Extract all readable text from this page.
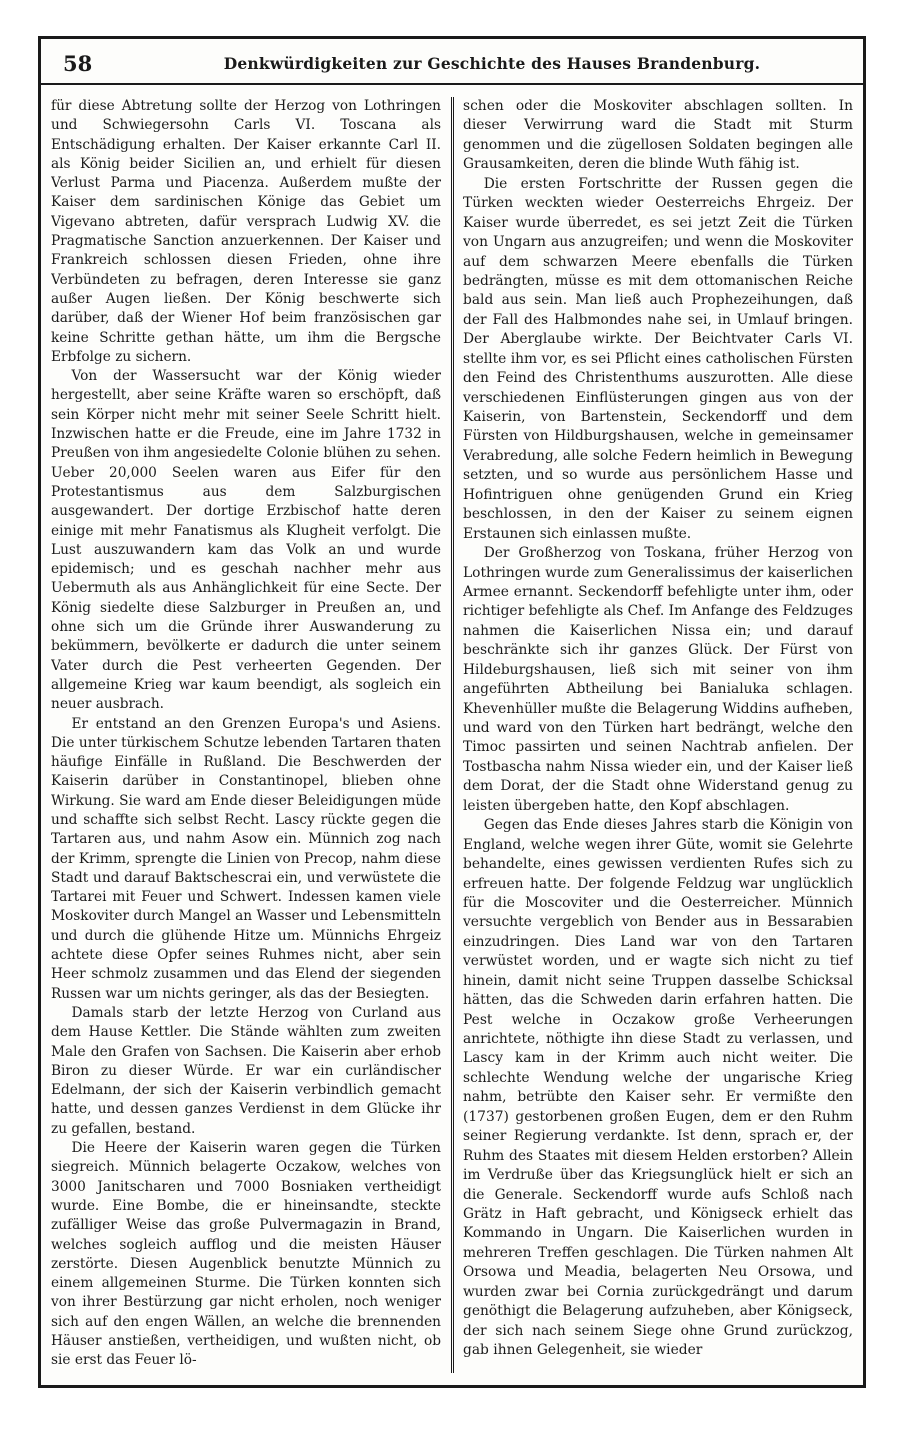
58	Denkwürdigkeiten zur Geschichte des Hauses Brandenburg.

für diese Abtretung sollte der Herzog von Lothringen und Schwiegersohn Carls VI. Toscana als Entschädigung erhalten. Der Kaiser erkannte Carl II. als König beider Sicilien an, und erhielt für diesen Verlust Parma und Piacenza. Außerdem mußte der Kaiser dem sardinischen Könige das Gebiet um Vigevano abtreten, dafür versprach Ludwig XV. die Pragmatische Sanction anzuerkennen. Der Kaiser und Frankreich schlossen diesen Frieden, ohne ihre Verbündeten zu befragen, deren Interesse sie ganz außer Augen ließen. Der König beschwerte sich darüber, daß der Wiener Hof beim französischen gar keine Schritte gethan hätte, um ihm die Bergsche Erbfolge zu sichern.

Von der Wassersucht war der König wieder hergestellt, aber seine Kräfte waren so erschöpft, daß sein Körper nicht mehr mit seiner Seele Schritt hielt. Inzwischen hatte er die Freude, eine im Jahre 1732 in Preußen von ihm angesiedelte Colonie blühen zu sehen. Ueber 20,000 Seelen waren aus Eifer für den Protestantismus aus dem Salzburgischen ausgewandert. Der dortige Erzbischof hatte deren einige mit mehr Fanatismus als Klugheit verfolgt. Die Lust auszuwandern kam das Volk an und wurde epidemisch; und es geschah nachher mehr aus Uebermuth als aus Anhänglichkeit für eine Secte. Der König siedelte diese Salzburger in Preußen an, und ohne sich um die Gründe ihrer Auswanderung zu bekümmern, bevölkerte er dadurch die unter seinem Vater durch die Pest verheerten Gegenden. Der allgemeine Krieg war kaum beendigt, als sogleich ein neuer ausbrach.

Er entstand an den Grenzen Europa's und Asiens. Die unter türkischem Schutze lebenden Tartaren thaten häufige Einfälle in Rußland. Die Beschwerden der Kaiserin darüber in Constantinopel, blieben ohne Wirkung. Sie ward am Ende dieser Beleidigungen müde und schaffte sich selbst Recht. Lascy rückte gegen die Tartaren aus, und nahm Asow ein. Münnich zog nach der Krimm, sprengte die Linien von Precop, nahm diese Stadt und darauf Baktschescrai ein, und verwüstete die Tartarei mit Feuer und Schwert. Indessen kamen viele Moskoviter durch Mangel an Wasser und Lebensmitteln und durch die glühende Hitze um. Münnichs Ehrgeiz achtete diese Opfer seines Ruhmes nicht, aber sein Heer schmolz zusammen und das Elend der siegenden Russen war um nichts geringer, als das der Besiegten.

Damals starb der letzte Herzog von Curland aus dem Hause Kettler. Die Stände wählten zum zweiten Male den Grafen von Sachsen. Die Kaiserin aber erhob Biron zu dieser Würde. Er war ein curländischer Edelmann, der sich der Kaiserin verbindlich gemacht hatte, und dessen ganzes Verdienst in dem Glücke ihr zu gefallen, bestand.

Die Heere der Kaiserin waren gegen die Türken siegreich. Münnich belagerte Oczakow, welches von 3000 Janitscharen und 7000 Bosniaken vertheidigt wurde. Eine Bombe, die er hineinsandte, steckte zufälliger Weise das große Pulvermagazin in Brand, welches sogleich aufflog und die meisten Häuser zerstörte. Diesen Augenblick benutzte Münnich zu einem allgemeinen Sturme. Die Türken konnten sich von ihrer Bestürzung gar nicht erholen, noch weniger sich auf den engen Wällen, an welche die brennenden Häuser anstießen, vertheidigen, und wußten nicht, ob sie erst das Feuer lö-

schen oder die Moskoviter abschlagen sollten. In dieser Verwirrung ward die Stadt mit Sturm genommen und die zügellosen Soldaten begingen alle Grausamkeiten, deren die blinde Wuth fähig ist.

Die ersten Fortschritte der Russen gegen die Türken weckten wieder Oesterreichs Ehrgeiz. Der Kaiser wurde überredet, es sei jetzt Zeit die Türken von Ungarn aus anzugreifen; und wenn die Moskoviter auf dem schwarzen Meere ebenfalls die Türken bedrängten, müsse es mit dem ottomanischen Reiche bald aus sein. Man ließ auch Prophezeihungen, daß der Fall des Halbmondes nahe sei, in Umlauf bringen. Der Aberglaube wirkte. Der Beichtvater Carls VI. stellte ihm vor, es sei Pflicht eines catholischen Fürsten den Feind des Christenthums auszurotten. Alle diese verschiedenen Einflüsterungen gingen aus von der Kaiserin, von Bartenstein, Seckendorff und dem Fürsten von Hildburgshausen, welche in gemeinsamer Verabredung, alle solche Federn heimlich in Bewegung setzten, und so wurde aus persönlichem Hasse und Hofintriguen ohne genügenden Grund ein Krieg beschlossen, in den der Kaiser zu seinem eignen Erstaunen sich einlassen mußte.

Der Großherzog von Toskana, früher Herzog von Lothringen wurde zum Generalissimus der kaiserlichen Armee ernannt. Seckendorff befehligte unter ihm, oder richtiger befehligte als Chef. Im Anfange des Feldzuges nahmen die Kaiserlichen Nissa ein; und darauf beschränkte sich ihr ganzes Glück. Der Fürst von Hildeburgshausen, ließ sich mit seiner von ihm angeführten Abtheilung bei Banialuka schlagen. Khevenhüller mußte die Belagerung Widdins aufheben, und ward von den Türken hart bedrängt, welche den Timoc passirten und seinen Nachtrab anfielen. Der Tostbascha nahm Nissa wieder ein, und der Kaiser ließ dem Dorat, der die Stadt ohne Widerstand genug zu leisten übergeben hatte, den Kopf abschlagen.

Gegen das Ende dieses Jahres starb die Königin von England, welche wegen ihrer Güte, womit sie Gelehrte behandelte, eines gewissen verdienten Rufes sich zu erfreuen hatte. Der folgende Feldzug war unglücklich für die Moscoviter und die Oesterreicher. Münnich versuchte vergeblich von Bender aus in Bessarabien einzudringen. Dies Land war von den Tartaren verwüstet worden, und er wagte sich nicht zu tief hinein, damit nicht seine Truppen dasselbe Schicksal hätten, das die Schweden darin erfahren hatten. Die Pest welche in Oczakow große Verheerungen anrichtete, nöthigte ihn diese Stadt zu verlassen, und Lascy kam in der Krimm auch nicht weiter. Die schlechte Wendung welche der ungarische Krieg nahm, betrübte den Kaiser sehr. Er vermißte den (1737) gestorbenen großen Eugen, dem er den Ruhm seiner Regierung verdankte. Ist denn, sprach er, der Ruhm des Staates mit diesem Helden erstorben? Allein im Verdruße über das Kriegsunglück hielt er sich an die Generale. Seckendorff wurde aufs Schloß nach Grätz in Haft gebracht, und Königseck erhielt das Kommando in Ungarn. Die Kaiserlichen wurden in mehreren Treffen geschlagen. Die Türken nahmen Alt Orsowa und Meadia, belagerten Neu Orsowa, und wurden zwar bei Cornia zurückgedrängt und darum genöthigt die Belagerung aufzuheben, aber Königseck, der sich nach seinem Siege ohne Grund zurückzog, gab ihnen Gelegenheit, sie wieder
